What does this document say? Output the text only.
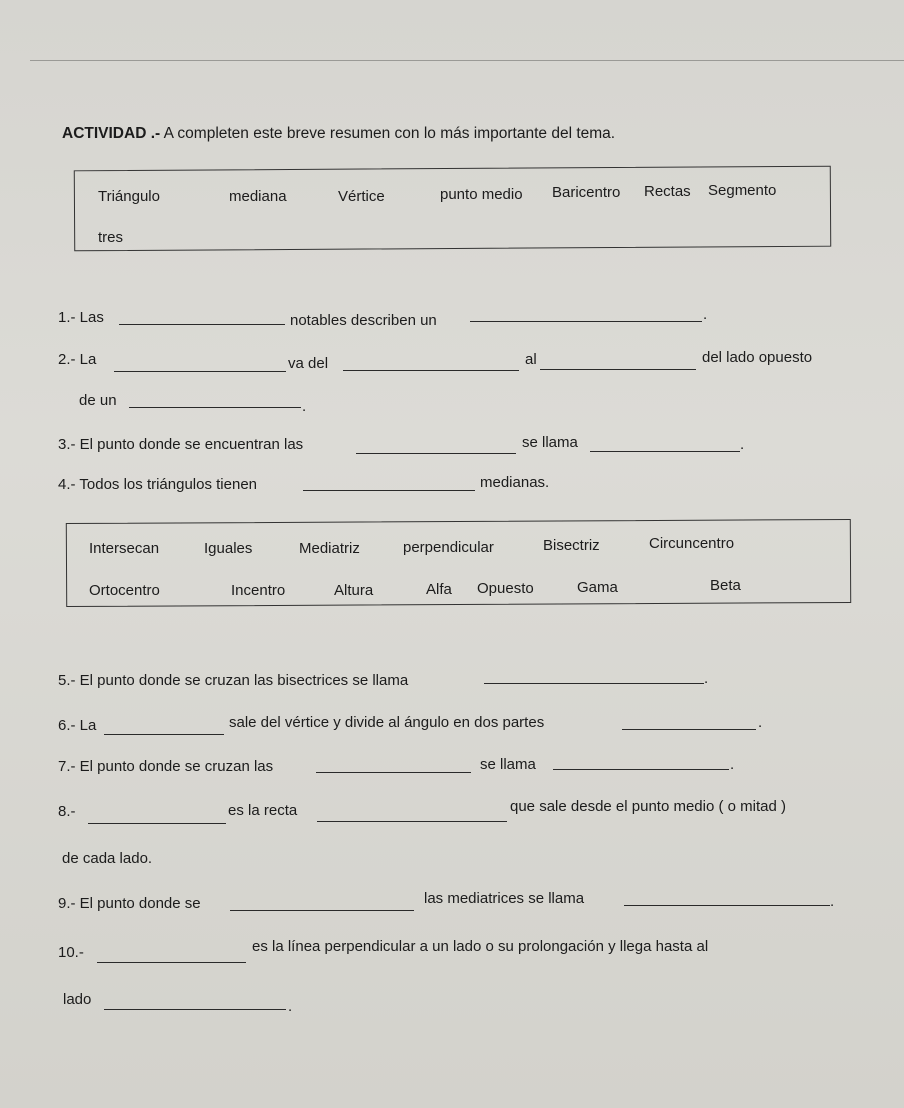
ACTIVIDAD .- A completen este breve resumen con lo más importante del tema.
Triángulo	mediana	Vértice	punto medio Baricentro Rectas Segmento
tres
1.- Las	notables describen un	.
2.- La	va del	al	del lado opuesto
de un	.
3.- El punto donde se encuentran las	se llama	.
4.- Todos los triángulos tienen	medianas.
Intersecan	Iguales	Mediatriz	perpendicular	Bisectriz	Circuncentro
Ortocentro	Incentro	Altura	Alfa Opuesto	Gama	Beta
5.- El punto donde se cruzan las bisectrices se llama	.
6.- La	sale del vértice y divide al ángulo en dos partes	.
7.- El punto donde se cruzan las	se llama	.
8.-	es la recta	que sale desde el punto medio ( o mitad )
de cada lado.
9.- El punto donde se	las mediatrices se llama	.
10.-	es la línea perpendicular a un lado o su prolongación y llega hasta al
lado	.
